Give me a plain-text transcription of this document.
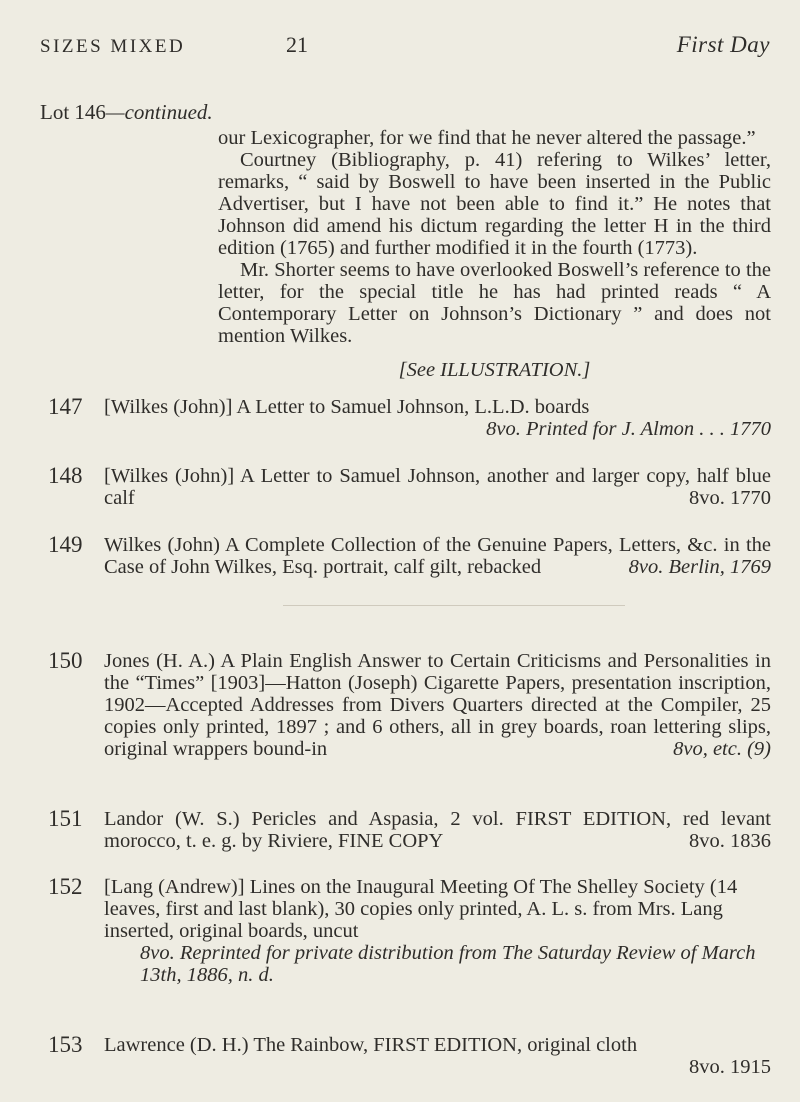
SIZES MIXED	21	First Day
Lot 146—continued.
our Lexicographer, for we find that he never altered the passage.”
Courtney (Bibliography, p. 41) refering to Wilkes’ letter, remarks, “ said by Boswell to have been inserted in the Public Advertiser, but I have not been able to find it.” He notes that Johnson did amend his dictum regarding the letter H in the third edition (1765) and further modified it in the fourth (1773).
Mr. Shorter seems to have overlooked Boswell’s reference to the letter, for the special title he has had printed reads “ A Contemporary Letter on Johnson’s Dictionary ” and does not mention Wilkes.
[See ILLUSTRATION.]
147	[Wilkes (John)] A Letter to Samuel Johnson, L.L.D. boards
8vo. Printed for J. Almon . . . 1770
148	[Wilkes (John)] A Letter to Samuel Johnson, another and larger copy, half blue calf	8vo. 1770
149	Wilkes (John) A Complete Collection of the Genuine Papers, Letters, &c. in the Case of John Wilkes, Esq. portrait, calf gilt, rebacked	8vo. Berlin, 1769
150	Jones (H. A.) A Plain English Answer to Certain Criticisms and Personalities in the “Times” [1903]—Hatton (Joseph) Cigarette Papers, presentation inscription, 1902—Accepted Addresses from Divers Quarters directed at the Compiler, 25 copies only printed, 1897 ; and 6 others, all in grey boards, roan lettering slips, original wrappers bound-in	8vo, etc. (9)
151	Landor (W. S.) Pericles and Aspasia, 2 vol. FIRST EDITION, red levant morocco, t. e. g. by Riviere, FINE COPY	8vo. 1836
152	[Lang (Andrew)] Lines on the Inaugural Meeting Of The Shelley Society (14 leaves, first and last blank), 30 copies only printed, A. L. s. from Mrs. Lang inserted, original boards, uncut
8vo. Reprinted for private distribution from The Saturday Review of March 13th, 1886, n. d.
153	Lawrence (D. H.) The Rainbow, FIRST EDITION, original cloth
8vo. 1915
